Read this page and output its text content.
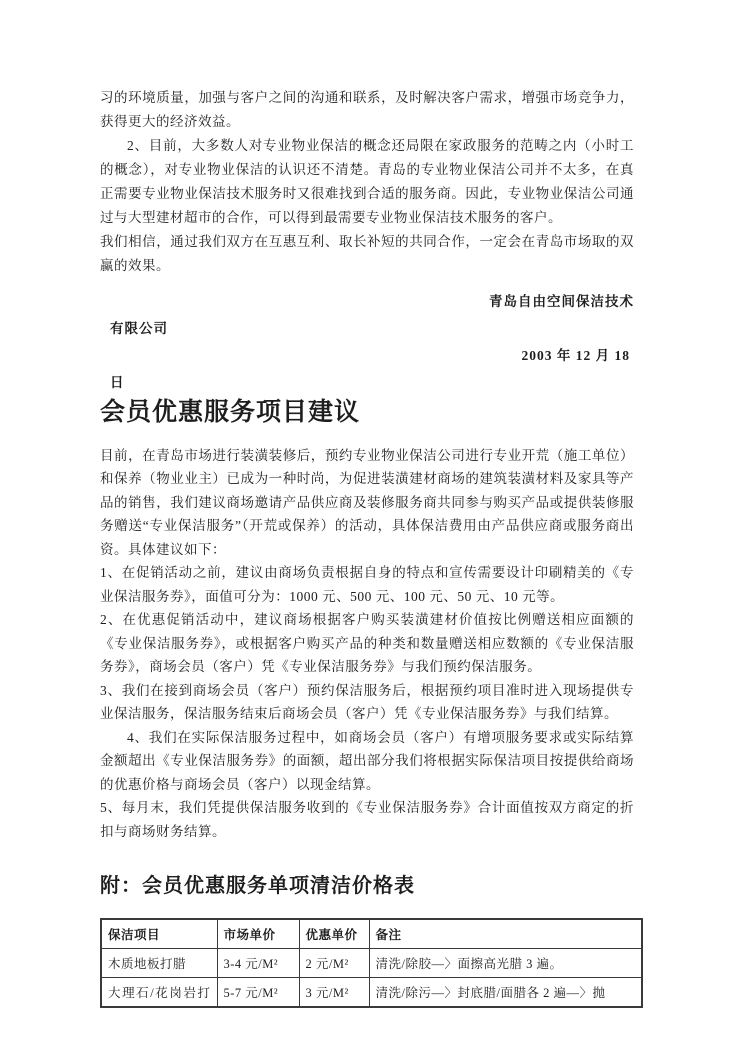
习的环境质量，加强与客户之间的沟通和联系，及时解决客户需求，增强市场竞争力，获得更大的经济效益。

2、目前，大多数人对专业物业保洁的概念还局限在家政服务的范畴之内（小时工的概念），对专业物业保洁的认识还不清楚。青岛的专业物业保洁公司并不太多，在真正需要专业物业保洁技术服务时又很难找到合适的服务商。因此，专业物业保洁公司通过与大型建材超市的合作，可以得到最需要专业物业保洁技术服务的客户。

我们相信，通过我们双方在互惠互利、取长补短的共同合作，一定会在青岛市场取的双赢的效果。

青岛自由空间保洁技术
有限公司
2003 年 12 月 18
日
会员优惠服务项目建议

目前，在青岛市场进行装潢装修后，预约专业物业保洁公司进行专业开荒（施工单位）和保养（物业业主）已成为一种时尚，为促进装潢建材商场的建筑装潢材料及家具等产品的销售，我们建议商场邀请产品供应商及装修服务商共同参与购买产品或提供装修服务赠送“专业保洁服务”（开荒或保养）的活动，具体保洁费用由产品供应商或服务商出资。具体建议如下：

1、在促销活动之前，建议由商场负责根据自身的特点和宣传需要设计印刷精美的《专业保洁服务券》，面值可分为：1000 元、500 元、100 元、50 元、10 元等。

2、在优惠促销活动中，建议商场根据客户购买装潢建材价值按比例赠送相应面额的《专业保洁服务券》，或根据客户购买产品的种类和数量赠送相应数额的《专业保洁服务券》，商场会员（客户）凭《专业保洁服务券》与我们预约保洁服务。

3、我们在接到商场会员（客户）预约保洁服务后，根据预约项目准时进入现场提供专业保洁服务，保洁服务结束后商场会员（客户）凭《专业保洁服务券》与我们结算。

4、我们在实际保洁服务过程中，如商场会员（客户）有增项服务要求或实际结算金额超出《专业保洁服务券》的面额，超出部分我们将根据实际保洁项目按提供给商场的优惠价格与商场会员（客户）以现金结算。

5、每月末，我们凭提供保洁服务收到的《专业保洁服务券》合计面值按双方商定的折扣与商场财务结算。

附：会员优惠服务单项清洁价格表
保洁项目	市场单价	优惠单价	备注
木质地板打腊	3-4 元/M²	2 元/M²	清洗/除胶—〉面擦高光腊 3 遍。
大理石/花岗岩打	5-7 元/M²	3 元/M²	清洗/除污—〉封底腊/面腊各 2 遍—〉抛
